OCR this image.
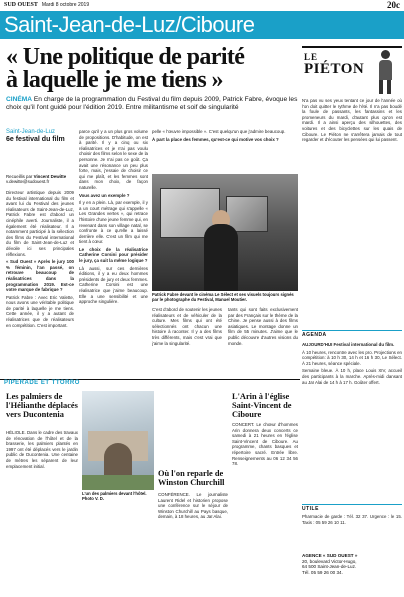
SUD OUEST Mardi 8 octobre 2019	20c
Saint-Jean-de-Luz/Ciboure
« Une politique de parité
à laquelle je me tiens »
CINÉMA En charge de la programmation du Festival du film depuis 2009, Patrick Fabre, évoque les choix qu'il l'ont guidé pour l'édition 2019. Entre militantisme et soif de singularité
Saint-Jean-de-Luz
6e festival du film
Recueillis par Vincent Dewitte
v.dewitte@sudouest.fr

Directeur artistique depuis 2009 du festival international du film et avant lui du Festival des jeunes réalisateurs de Saint-Jean-de-Luz, Patrick Fabre est d'abord un cinéphile averti. Journaliste, il a également été réalisateur. Il a notamment participé à la sélection des films du Festival international du film de Saint-Jean-de-Luz et dévoile ici ses principales réflexions.

« Sud Ouest » Après le jury 100 % féminin, l'an passé, on retrouve beaucoup de réalisatrices dans la programmation 2019. Est-ce votre marque de fabrique ?

Patrick Fabre : Avec Eric Valette, nous avons une véritable politique de parité à laquelle je me tiens. Cette année, il y a autant de réalisatrices que de réalisateurs en compétition. C'est important.

parce qu'il y a un plus gros volume de propositions. D'habitude, on est à parité. Il y a cinq ou six réalisatrices et je n'ai pas voulu choisir des films selon le sexe de la personne. Je n'ai pas ce goût. Ça avait une résonance un peu plus forte, mais, j'essaie de choisir ce qui me plaît, et les femmes sont dans mon choix, de façon naturelle.

Vous avez un exemple ?

Il y en a plein. Là, par exemple, il y a un court métrage qui s'appelle « Les Grandes vertes », qui retrace l'histoire d'une jeune femme qui, en revenant dans son village natal, se confronte à ce qu'elle a laissé derrière elle. C'est un film qui me tient à cœur.

Le choix de la réalisatrice Catherine Corsini pour présider le jury, ça suit la même logique ?

Là aussi, sur ces dernières éditions, il y a eu deux hommes présidents de jury et deux femmes. Catherine Corsini est une réalisatrice que j'aime beaucoup. Elle a une sensibilité et une approche singulière.

pelle « l'œuvre impossible ». C'est quelqu'un que j'admire beaucoup.

À part la place des femmes, qu'est-ce qui motive vos choix ?

Patrick Fabre devant le cinéma Le Sélect et ses visuels toujours signés par le photographe du Festival, Manuel Moutier.

C'est d'abord de soutenir les jeunes réalisateurs et de véhiculer de la culture. Mes films qui ont été sélectionnés ont chacun une histoire à raconter. Il y a des films très différents, mais c'est vrai que j'aime la singularité.

tants qui sont faits exclusivement par des Français sur le thème de la Chine. Je pense aussi à des films asiatiques. Le montage donne un film de 55 minutes. J'aime que le public découvre d'autres visions du monde.

LE
PIÉTON

N'a pas vu ses yeux tentant ce jour de l'année où l'on doit quitter le rythme de l'été. Il n'a pas boudé la foule de passants, les fantassins et les promeneurs du mardi, d'autant plus qu'on est mardi. Il a ainsi aperçu des silhouettes, des voitures et des bicyclettes sur les quais de Ciboure. Le Piéton ne s'arrêtera jamais de tout regarder et d'écouter les pensées qui lui passent.

AGENDA

AUJOURD'HUI Festival international du film.

À 10 heures, rencontre avec les pro. Projections en compétition: à 10 h 30, 14 h et 16 h 30, Le Sélect. À 21 heures, séance spéciale.

Semaine bleue. À 10 h, place Louis XIV, accueil des participants à la marche. Après-midi dansant au Jaï Alai de 14 h à 17 h. Goûter offert.

UTILE

Pharmacie de garde : Tél. 32 37. Urgence : le 15. Taxis : 05 59 26 10 11.

AGENCE « SUD OUEST »
20, boulevard Victor-Hugo,
64 500 Saint-Jean-de-Luz.
Tél. 05 59 26 00 34.
PIPERADE ET TTORRO
Les palmiers de l'Hélianthe déplacés vers Ducontenia

HÉLIOLE. Dans le cadre des travaux de rénovation de l'hôtel et de la brasserie, les palmiers plantés en 1997 ont été déplacés vers le jardin public de Ducontenia. Une centaine de mètres les séparent de leur emplacement initial.

L'un des palmiers devant l'hôtel. Photo V. D.
Où l'on reparle de Winston Churchill

CONFÉRENCE. Le journaliste Laurent Ridel et historien propose une conférence sur le séjour de Winston Churchill au Pays basque, demain, à 18 heures, au Jaï Alai.

L'Arin à l'église Saint-Vincent de Ciboure

CONCERT. Le chœur d'hommes Arin donnera deux concerts ce samedi à 21 heures en l'église Saint-Vincent de Ciboure. Au programme, chants basques et répertoire sacré. Entrée libre. Renseignements au 06 12 34 56 78.
